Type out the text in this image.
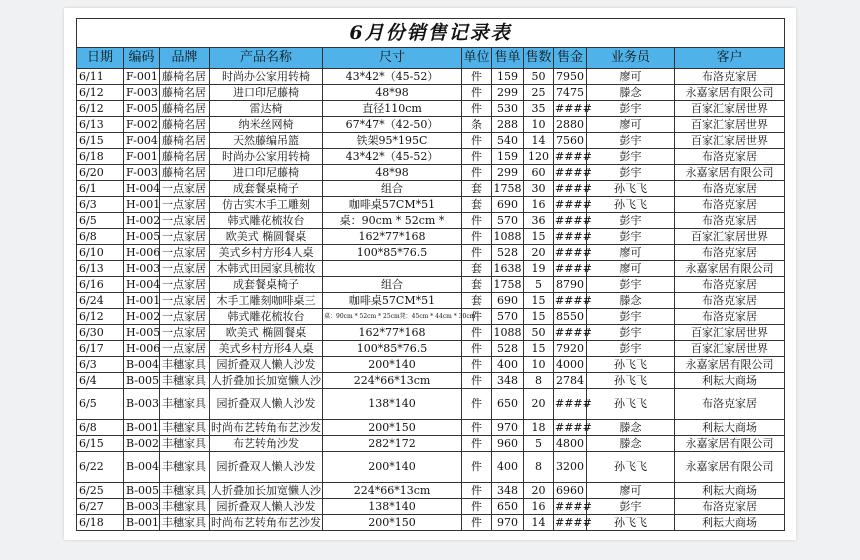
6月份销售记录表										
日期	编码	品牌	产品名称	尺寸	单位	售单	售数	售金	业务员	客户
6/11	F-001	藤椅名居	时尚办公家用转椅	43*42*（45-52）	件	159	50	7950	廖可	布洛克家居
6/12	F-003	藤椅名居	进口印尼藤椅	48*98	件	299	25	7475	滕念	永嘉家居有限公司
6/12	F-005	藤椅名居	雷达椅	直径110cm	件	530	35	####	彭宇	百家汇家居世界
6/13	F-002	藤椅名居	纳米丝网椅	67*47*（42-50）	条	288	10	2880	廖可	百家汇家居世界
6/15	F-004	藤椅名居	天然藤编吊篮	铁架95*195C	件	540	14	7560	彭宇	百家汇家居世界
6/18	F-001	藤椅名居	时尚办公家用转椅	43*42*（45-52）	件	159	120	####	彭宇	布洛克家居
6/20	F-003	藤椅名居	进口印尼藤椅	48*98	件	299	60	####	彭宇	永嘉家居有限公司
6/1	H-004	一点家居	成套餐桌椅子	组合	套	1758	30	####	孙飞飞	布洛克家居
6/3	H-001	一点家居	仿古实木手工雕刻	咖啡桌57CM*51	套	690	16	####	孙飞飞	布洛克家居
6/5	H-002	一点家居	韩式雕花梳妆台	桌：90cm * 52cm *	件	570	36	####	彭宇	布洛克家居
6/8	H-005	一点家居	欧美式 椭圆餐桌	162*77*168	件	1088	15	####	彭宇	百家汇家居世界
6/10	H-006	一点家居	美式乡村方形4人桌	100*85*76.5	件	528	20	####	廖可	布洛克家居
6/13	H-003	一点家居	木韩式田园家具梳妆		套	1638	19	####	廖可	永嘉家居有限公司
6/16	H-004	一点家居	成套餐桌椅子	组合	套	1758	5	8790	彭宇	布洛克家居
6/24	H-001	一点家居	木手工雕刻咖啡桌三	咖啡桌57CM*51	套	690	15	####	滕念	布洛克家居
6/12	H-002	一点家居	韩式雕花梳妆台	桌：90cm * 52cm * 25cm凳：45cm * 44cm * 30cm	件	570	15	8550	彭宇	布洛克家居
6/30	H-005	一点家居	欧美式 椭圆餐桌	162*77*168	件	1088	50	####	彭宇	百家汇家居世界
6/17	H-006	一点家居	美式乡村方形4人桌	100*85*76.5	件	528	15	7920	彭宇	百家汇家居世界
6/3	B-004	丰穗家具	园折叠双人懒人沙发	200*140	件	400	10	4000	孙飞飞	永嘉家居有限公司
6/4	B-005	丰穗家具	人折叠加长加宽懒人沙	224*66*13cm	件	348	8	2784	孙飞飞	利耘大商场
6/5	B-003	丰穗家具	园折叠双人懒人沙发	138*140	件	650	20	####	孙飞飞	布洛克家居
6/8	B-001	丰穗家具	时尚布艺转角布艺沙发	200*150	件	970	18	####	滕念	利耘大商场
6/15	B-002	丰穗家具	布艺转角沙发	282*172	件	960	5	4800	滕念	永嘉家居有限公司
6/22	B-004	丰穗家具	园折叠双人懒人沙发	200*140	件	400	8	3200	孙飞飞	永嘉家居有限公司
6/25	B-005	丰穗家具	人折叠加长加宽懒人沙	224*66*13cm	件	348	20	6960	廖可	利耘大商场
6/27	B-003	丰穗家具	园折叠双人懒人沙发	138*140	件	650	16	####	彭宇	布洛克家居
6/18	B-001	丰穗家具	时尚布艺转角布艺沙发	200*150	件	970	14	####	孙飞飞	利耘大商场
